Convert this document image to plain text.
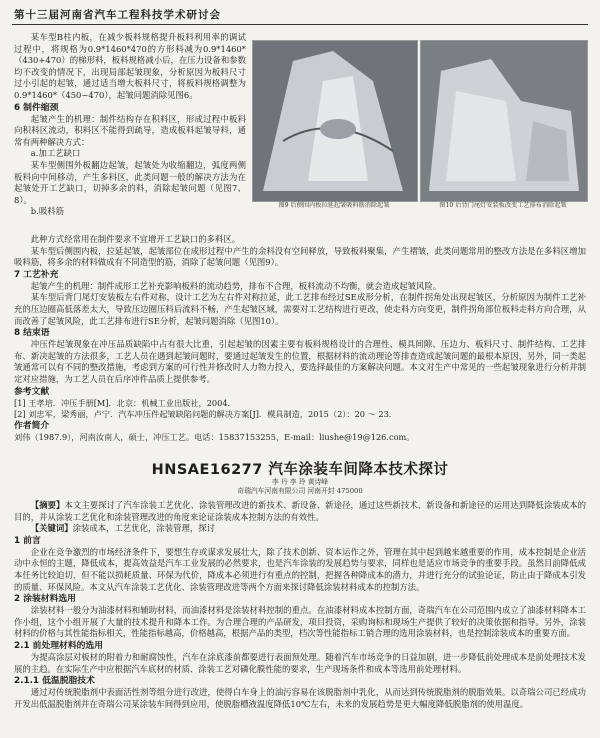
第十三届河南省汽车工程科技学术研讨会

某车型B柱内板，在减少板料规格提升板料利用率的调试过程中，将规格为0.9*1460*470的方形料减为0.9*1460*（430+470）的梯形料，板料规格减小后，在压力设备和参数均不改变的情况下，出现局部起皱现象，分析原因为板料尺寸过小引起的起皱，通过适当增大板料尺寸，将板料规格调整为0.9*1460*（450~470），起皱问题消除见图6。

6 制件缩颈

起皱产生的机理：制件结构存在积料区，形成过程中板料向积料区流动，积料区不能得到疏导，造成板料起皱导料，通常有两种解决方式：

a.加工艺缺口

某车型侧围外板翻边起皱，起皱处为收缩翻边，弧度两侧板料向中间移动，产生多料区，此类问题一般的解决方法为在起皱处开工艺缺口，切掉多余的料，消除起皱问题（见图7、8）。

b.吸料筋

图9 后侧围内板拉延起皱吸料筋消除起皱	图10 后背门尾灯安装板改变工艺排布消除起皱

此种方式经常用在制件要求不宜增开工艺缺口的多料区。

某车型后侧围内板，拉延起皱，起皱部位在成形过程中产生的余料没有空间释放，导致板料聚集，产生褶皱，此类问题常用的整改方法是在多料区增加吸料筋，将多余的材料做成有不同造型的筋，消除了起皱问题（见图9）。

7 工艺补充

起皱产生的机理：制件成形工艺补充影响板料的流动趋势，排布不合理，板料流动不均衡，就会造成起皱风险。

某车型后背门尾灯安装板左右件对称，设计工艺为左右件对称拉延，此工艺排布经过SE成形分析，在制件拐角处出现起皱区，分析原因为制件工艺补充的压边圈高低落差太大，导致压边圈压料后流料不畅，产生起皱区域，需要对工艺结构进行更改，使走料方向变更，制件拐角部位板料走料方向合理，从而改善了起皱风险，此工艺排布进行SE分析，起皱问题消除（见图10）。

8 结束语

冲压件起皱现象在冲压品质缺陷中占有很大比重，引起起皱的因素主要有板料规格设计的合理性、模具间隙、压边力、板料尺寸、制件结构、工艺排布、新决起皱的方法很多，工艺人员在遇到起皱问题时，要通过起皱发生的位置，根据材料的流动理论等排查造成起皱问题的最根本原因，另外，同一类起皱通常可以有不同的整改措施，考虑到方案的可行性并修改时人力物力投入，要选择最佳的方案解决问题。本文对生产中常见的一些起皱现象进行分析并制定对应措施，为工艺人员在后序冲件品质上提供参考。

参考文献

[1] 王孝培．冲压手册[M]．北京：机械工业出版社，2004．

[2] 刘忠军，梁秀丽，卢宁．汽车冲压件起皱缺陷问题的解决方案[J]．模具制造，2015（2）：20 ～ 23.

作者简介

刘伟（1987.9），河南汝南人，硕士，冲压工艺。电话：15837153255，E-mail：liushe@19@126.com。

HNSAE16277 汽车涂装车间降本技术探讨
李 丹 李 玲 黄诗峰
奇瑞汽车河南有限公司 河南开封 475000

【摘要】本文主要探讨了汽车涂装工艺优化、涂装管理改进的新技术、新设备、新途径，通过这些新技术、新设备和新途径的运用达到降低涂装成本的目的，并从涂装工艺优化和涂装管理改进的角度来论证涂装成本控制方法的有效性。

【关键词】涂装成本，工艺优化，涂装管理，探讨

1 前言

企业在竞争激烈的市场经济条件下，要想生存或谋求发展壮大，除了技术创新、资本运作之外，管理在其中起到越来越重要的作用，成本控制是企业活动中永恒的主题，降低成本，提高效益是汽车工业发展的必然要求，也是汽车涂装的发展趋势与要求，同样也是适应市场竞争的重要手段。虽然目前降低成本任务比较迫切，但不能以损耗质量、环保为代价，降成本必须进行有重点的控制，把握各种降成本的潜力，并进行充分的试验论证，防止由于降成本引发的质量、环保风险。本文从汽车涂装工艺优化、涂装管理改进等两个方面来探讨降低涂装材料成本的控制方法。

2 涂装材料选用

涂装材料一般分为油漆材料和辅助材料，而油漆材料是涂装材料控制的重点。在油漆材料成本控制方面，奇瑞汽车在公司范围内成立了油漆材料降本工作小组，这个小组开展了大量的技术提升和降本工作。为合理合理的产品研发，项目投资，采购询标和现场生产提供了较好的决策依据和指导。另外，涂装材料的价格与其性能指标相关，性能指标越高，价格越高，根据产品的类型，档次等性能指标工销合理的选用涂装材料，也是控制涂装成本的重要方面。

2.1 前处理材料的选用

为提高涂层对板材的附着力和耐腐蚀性，汽车在涂底漆前都要进行表面预处理。随着汽车市场竞争的日益加剧，进一步降低前处理成本是前处理技术发展的主趋。在实际生产中应根据汽车底材的材质、涂装工艺对磷化膜性能的要求，生产现场条件和成本等选用前处理材料。

2.1.1 低温脱脂技术

通过对传统脱脂剂中表面活性剂等组分进行改进，使得白车身上的油污容易在该脱脂剂中乳化，从而达到传统脱脂剂的脱脂效果。以奇瑞公司已经成功开发出低温脱脂剂并在奇瑞公司某涂装车间得到应用，使脱脂槽液温度降低10℃左右，未来的发展趋势是更大幅度降低脱脂剂的使用温度。
